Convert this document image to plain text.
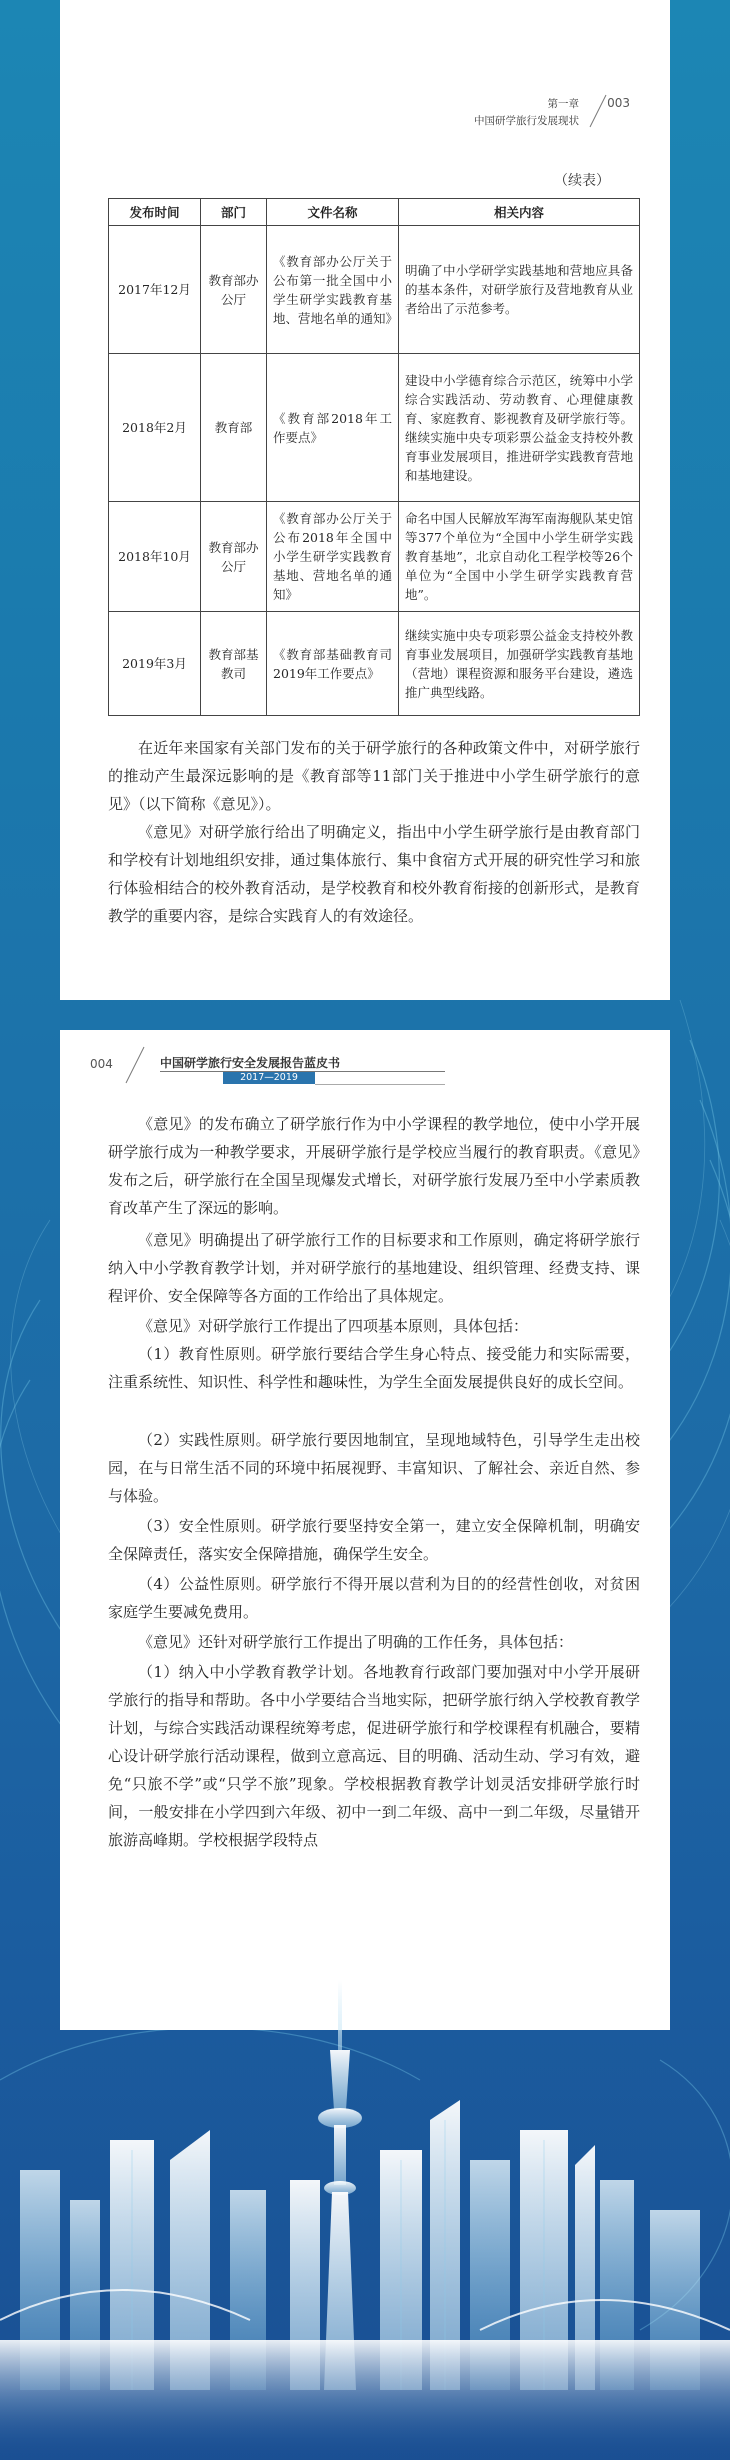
第一章
中国研学旅行发展现状
003
（续表）
发布时间	部门	文件名称	相关内容
2017年12月	教育部办公厅	《教育部办公厅关于公布第一批全国中小学生研学实践教育基地、营地名单的通知》	明确了中小学研学实践基地和营地应具备的基本条件，对研学旅行及营地教育从业者给出了示范参考。
2018年2月	教育部	《教育部2018年工作要点》	建设中小学德育综合示范区，统筹中小学综合实践活动、劳动教育、心理健康教育、家庭教育、影视教育及研学旅行等。继续实施中央专项彩票公益金支持校外教育事业发展项目，推进研学实践教育营地和基地建设。
2018年10月	教育部办公厅	《教育部办公厅关于公布2018年全国中小学生研学实践教育基地、营地名单的通知》	命名中国人民解放军海军南海舰队某史馆等377个单位为“全国中小学生研学实践教育基地”，北京自动化工程学校等26个单位为“全国中小学生研学实践教育营地”。
2019年3月	教育部基教司	《教育部基础教育司2019年工作要点》	继续实施中央专项彩票公益金支持校外教育事业发展项目，加强研学实践教育基地（营地）课程资源和服务平台建设，遴选推广典型线路。

在近年来国家有关部门发布的关于研学旅行的各种政策文件中，对研学旅行的推动产生最深远影响的是《教育部等11部门关于推进中小学生研学旅行的意见》（以下简称《意见》）。

《意见》对研学旅行给出了明确定义，指出中小学生研学旅行是由教育部门和学校有计划地组织安排，通过集体旅行、集中食宿方式开展的研究性学习和旅行体验相结合的校外教育活动，是学校教育和校外教育衔接的创新形式，是教育教学的重要内容，是综合实践育人的有效途径。

004	中国研学旅行安全发展报告蓝皮书
2017—2019

《意见》的发布确立了研学旅行作为中小学课程的教学地位，使中小学开展研学旅行成为一种教学要求，开展研学旅行是学校应当履行的教育职责。《意见》发布之后，研学旅行在全国呈现爆发式增长，对研学旅行发展乃至中小学素质教育改革产生了深远的影响。

《意见》明确提出了研学旅行工作的目标要求和工作原则，确定将研学旅行纳入中小学教育教学计划，并对研学旅行的基地建设、组织管理、经费支持、课程评价、安全保障等各方面的工作给出了具体规定。

《意见》对研学旅行工作提出了四项基本原则，具体包括：

（1）教育性原则。研学旅行要结合学生身心特点、接受能力和实际需要，注重系统性、知识性、科学性和趣味性，为学生全面发展提供良好的成长空间。

（2）实践性原则。研学旅行要因地制宜，呈现地域特色，引导学生走出校园，在与日常生活不同的环境中拓展视野、丰富知识、了解社会、亲近自然、参与体验。

（3）安全性原则。研学旅行要坚持安全第一，建立安全保障机制，明确安全保障责任，落实安全保障措施，确保学生安全。

（4）公益性原则。研学旅行不得开展以营利为目的的经营性创收，对贫困家庭学生要减免费用。

《意见》还针对研学旅行工作提出了明确的工作任务，具体包括：

（1）纳入中小学教育教学计划。各地教育行政部门要加强对中小学开展研学旅行的指导和帮助。各中小学要结合当地实际，把研学旅行纳入学校教育教学计划，与综合实践活动课程统筹考虑，促进研学旅行和学校课程有机融合，要精心设计研学旅行活动课程，做到立意高远、目的明确、活动生动、学习有效，避免“只旅不学”或“只学不旅”现象。学校根据教育教学计划灵活安排研学旅行时间，一般安排在小学四到六年级、初中一到二年级、高中一到二年级，尽量错开旅游高峰期。学校根据学段特点
